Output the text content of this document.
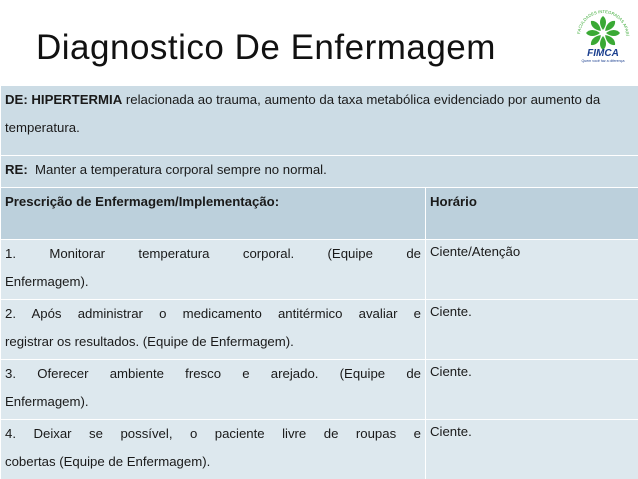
Diagnostico De Enfermagem	FACULDADES INTEGRADAS APARÍ
FIMCA
Quem você faz a diferença
DE: HIPERTERMIA relacionada ao trauma, aumento da taxa metabólica evidenciado por aumento da temperatura.	
RE:  Manter a temperatura corporal sempre no normal.	
Prescrição de Enfermagem/Implementação:	Horário

1. Monitorar temperatura corporal. (Equipe de
Enfermagem).	Ciente/Atenção

2. Após administrar o medicamento antitérmico avaliar e
registrar os resultados. (Equipe de Enfermagem).	Ciente.

3. Oferecer ambiente fresco e arejado. (Equipe de
Enfermagem).	Ciente.

4. Deixar se possível, o paciente livre de roupas e
cobertas (Equipe de Enfermagem).	Ciente.
